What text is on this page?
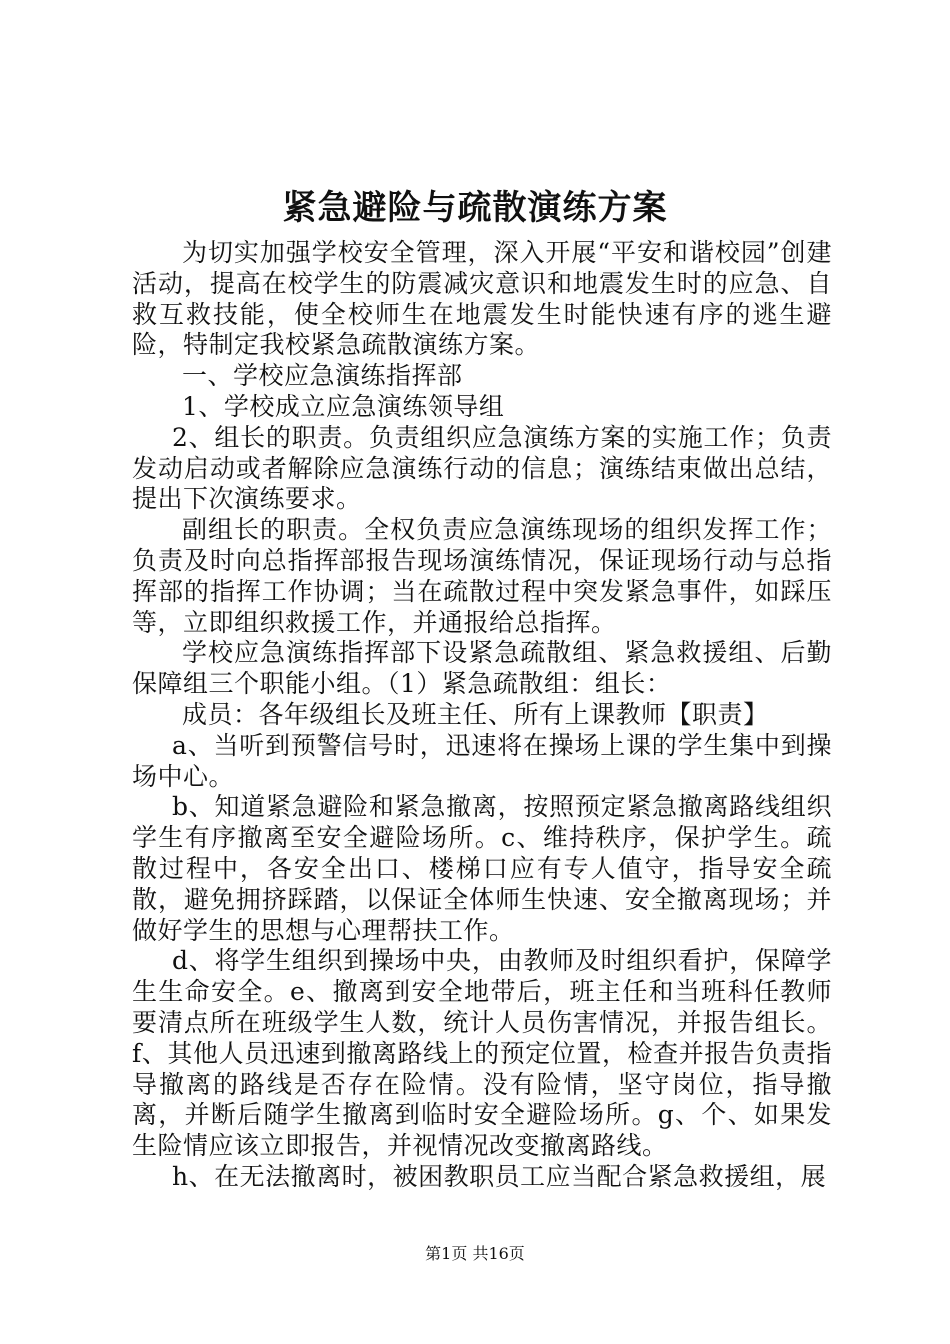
紧急避险与疏散演练方案

为切实加强学校安全管理，深入开展“平安和谐校园”创建活动，提高在校学生的防震减灾意识和地震发生时的应急、自救互救技能，使全校师生在地震发生时能快速有序的逃生避险，特制定我校紧急疏散演练方案。

一、学校应急演练指挥部

1、学校成立应急演练领导组

2、组长的职责。负责组织应急演练方案的实施工作；负责发动启动或者解除应急演练行动的信息；演练结束做出总结，提出下次演练要求。

副组长的职责。全权负责应急演练现场的组织发挥工作；负责及时向总指挥部报告现场演练情况，保证现场行动与总指挥部的指挥工作协调；当在疏散过程中突发紧急事件，如踩压等，立即组织救援工作，并通报给总指挥。

学校应急演练指挥部下设紧急疏散组、紧急救援组、后勤保障组三个职能小组。（1）紧急疏散组：组长：

成员：各年级组长及班主任、所有上课教师【职责】

a、当听到预警信号时，迅速将在操场上课的学生集中到操场中心。

b、知道紧急避险和紧急撤离，按照预定紧急撤离路线组织学生有序撤离至安全避险场所。c、维持秩序，保护学生。疏散过程中，各安全出口、楼梯口应有专人值守，指导安全疏散，避免拥挤踩踏，以保证全体师生快速、安全撤离现场；并做好学生的思想与心理帮扶工作。

d、将学生组织到操场中央，由教师及时组织看护，保障学生生命安全。e、撤离到安全地带后，班主任和当班科任教师要清点所在班级学生人数，统计人员伤害情况，并报告组长。f、其他人员迅速到撤离路线上的预定位置，检查并报告负责指导撤离的路线是否存在险情。没有险情，坚守岗位，指导撤离，并断后随学生撤离到临时安全避险场所。g、个、如果发生险情应该立即报告，并视情况改变撤离路线。

h、在无法撤离时，被困教职员工应当配合紧急救援组，展

第1页 共16页
